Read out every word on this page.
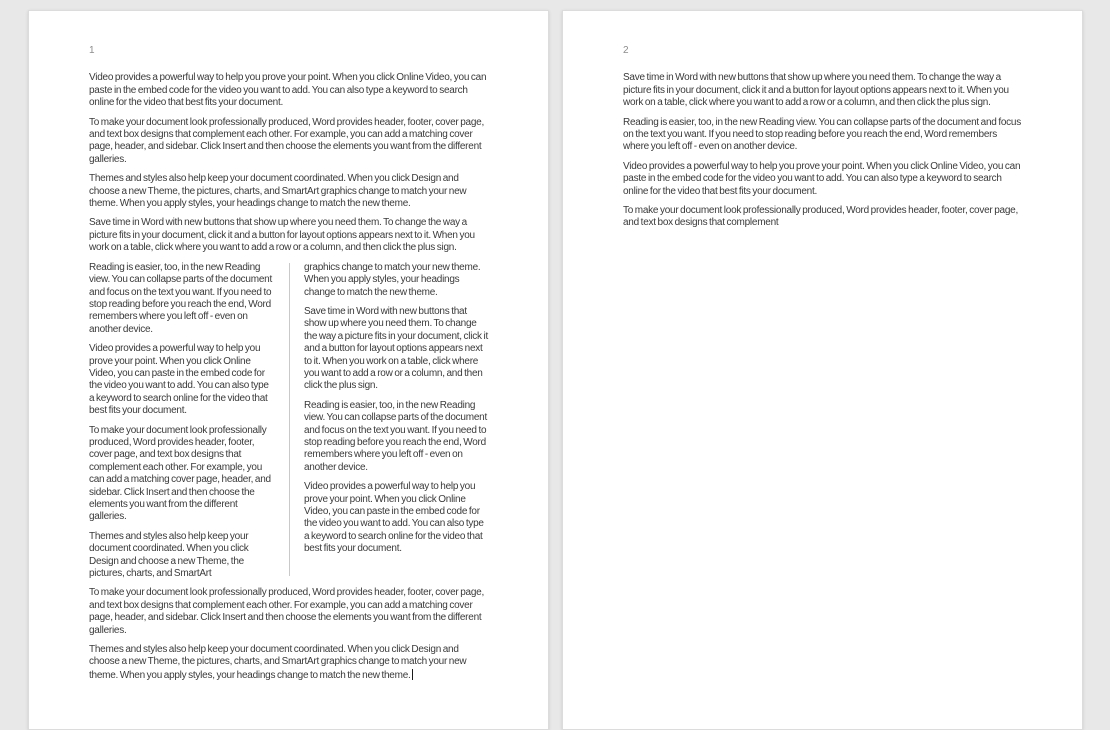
1

Video provides a powerful way to help you prove your point. When you click Online Video, you can paste in the embed code for the video you want to add. You can also type a keyword to search online for the video that best fits your document.

To make your document look professionally produced, Word provides header, footer, cover page, and text box designs that complement each other. For example, you can add a matching cover page, header, and sidebar. Click Insert and then choose the elements you want from the different galleries.

Themes and styles also help keep your document coordinated. When you click Design and choose a new Theme, the pictures, charts, and SmartArt graphics change to match your new theme. When you apply styles, your headings change to match the new theme.

Save time in Word with new buttons that show up where you need them. To change the way a picture fits in your document, click it and a button for layout options appears next to it. When you work on a table, click where you want to add a row or a column, and then click the plus sign.

Reading is easier, too, in the new Reading view. You can collapse parts of the document and focus on the text you want. If you need to stop reading before you reach the end, Word remembers where you left off - even on another device.

Video provides a powerful way to help you prove your point. When you click Online Video, you can paste in the embed code for the video you want to add. You can also type a keyword to search online for the video that best fits your document.

To make your document look professionally produced, Word provides header, footer, cover page, and text box designs that complement each other. For example, you can add a matching cover page, header, and sidebar. Click Insert and then choose the elements you want from the different galleries.

Themes and styles also help keep your document coordinated. When you click Design and choose a new Theme, the pictures, charts, and SmartArt

graphics change to match your new theme. When you apply styles, your headings change to match the new theme.

Save time in Word with new buttons that show up where you need them. To change the way a picture fits in your document, click it and a button for layout options appears next to it. When you work on a table, click where you want to add a row or a column, and then click the plus sign.

Reading is easier, too, in the new Reading view. You can collapse parts of the document and focus on the text you want. If you need to stop reading before you reach the end, Word remembers where you left off - even on another device.

Video provides a powerful way to help you prove your point. When you click Online Video, you can paste in the embed code for the video you want to add. You can also type a keyword to search online for the video that best fits your document.

To make your document look professionally produced, Word provides header, footer, cover page, and text box designs that complement each other. For example, you can add a matching cover page, header, and sidebar. Click Insert and then choose the elements you want from the different galleries.

Themes and styles also help keep your document coordinated. When you click Design and choose a new Theme, the pictures, charts, and SmartArt graphics change to match your new theme. When you apply styles, your headings change to match the new theme.

2

Save time in Word with new buttons that show up where you need them. To change the way a picture fits in your document, click it and a button for layout options appears next to it. When you work on a table, click where you want to add a row or a column, and then click the plus sign.

Reading is easier, too, in the new Reading view. You can collapse parts of the document and focus on the text you want. If you need to stop reading before you reach the end, Word remembers where you left off - even on another device.

Video provides a powerful way to help you prove your point. When you click Online Video, you can paste in the embed code for the video you want to add. You can also type a keyword to search online for the video that best fits your document.

To make your document look professionally produced, Word provides header, footer, cover page, and text box designs that complement
